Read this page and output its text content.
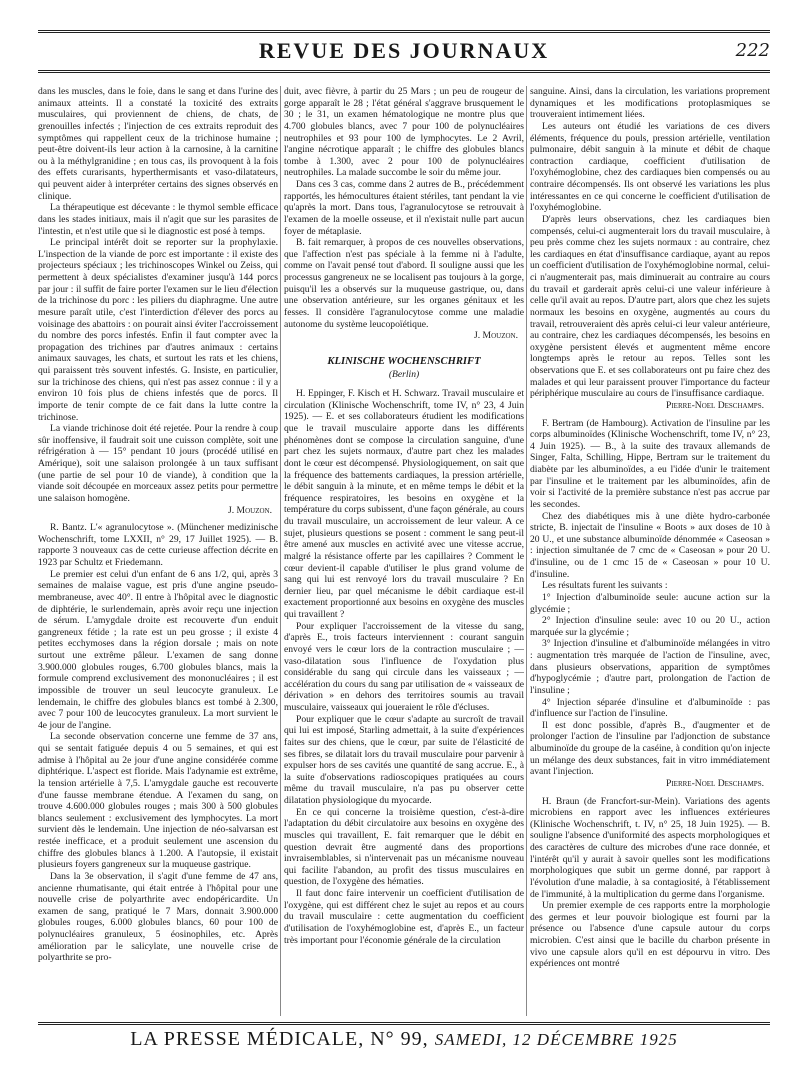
REVUE DES JOURNAUX	222

dans les muscles, dans le foie, dans le sang et dans l'urine des animaux atteints. Il a constaté la toxicité des extraits musculaires, qui proviennent de chiens, de chats, de grenouilles infectés ; l'injection de ces extraits reproduit des symptômes qui rappellent ceux de la trichinose humaine ; peut-être doivent-ils leur action à la carnosine, à la carnitine ou à la méthylgranidine ; en tous cas, ils provoquent à la fois des effets curarisants, hyperthermisants et vaso-dilatateurs, qui peuvent aider à interpréter certains des signes observés en clinique.

La thérapeutique est décevante : le thymol semble efficace dans les stades initiaux, mais il n'agit que sur les parasites de l'intestin, et n'est utile que si le diagnostic est posé à temps.

Le principal intérêt doit se reporter sur la prophylaxie. L'inspection de la viande de porc est importante : il existe des projecteurs spéciaux ; les trichinoscopes Winkel ou Zeiss, qui permettent à deux spécialistes d'examiner jusqu'à 144 porcs par jour : il suffit de faire porter l'examen sur le lieu d'élection de la trichinose du porc : les piliers du diaphragme. Une autre mesure paraît utile, c'est l'interdiction d'élever des porcs au voisinage des abattoirs : on pourait ainsi éviter l'accroissement du nombre des porcs infestés. Enfin il faut compter avec la propagation des trichines par d'autres animaux : certains animaux sauvages, les chats, et surtout les rats et les chiens, qui paraissent très souvent infestés. G. Insiste, en particulier, sur la trichinose des chiens, qui n'est pas assez connue : il y a environ 10 fois plus de chiens infestés que de porcs. Il importe de tenir compte de ce fait dans la lutte contre la trichinose.

La viande trichinose doit été rejetée. Pour la rendre à coup sûr inoffensive, il faudrait soit une cuisson complète, soit une réfrigération à — 15° pendant 10 jours (procédé utilisé en Amérique), soit une salaison prolongée à un taux suffisant (une partie de sel pour 10 de viande), à condition que la viande soit découpée en morceaux assez petits pour permettre une salaison homogène.

J. Mouzon.

R. Bantz. L'« agranulocytose ». (Münchener medizinische Wochenschrift, tome LXXII, n° 29, 17 Juillet 1925). — B. rapporte 3 nouveaux cas de cette curieuse affection décrite en 1923 par Schultz et Friedemann.

Le premier est celui d'un enfant de 6 ans 1/2, qui, après 3 semaines de malaise vague, est pris d'une angine pseudo-membraneuse, avec 40°. Il entre à l'hôpital avec le diagnostic de diphtérie, le surlendemain, après avoir reçu une injection de sérum. L'amygdale droite est recouverte d'un enduit gangreneux fétide ; la rate est un peu grosse ; il existe 4 petites ecchymoses dans la région dorsale ; mais on note surtout une extrême pâleur. L'examen de sang donne 3.900.000 globules rouges, 6.700 globules blancs, mais la formule comprend exclusivement des mononucléaires ; il est impossible de trouver un seul leucocyte granuleux. Le lendemain, le chiffre des globules blancs est tombé à 2.300, avec 7 pour 100 de leucocytes granuleux. La mort survient le 4e jour de l'angine.

La seconde observation concerne une femme de 37 ans, qui se sentait fatiguée depuis 4 ou 5 semaines, et qui est admise à l'hôpital au 2e jour d'une angine considérée comme diphtérique. L'aspect est floride. Mais l'adynamie est extrême, la tension artérielle à 7,5. L'amygdale gauche est recouverte d'une fausse membrane étendue. A l'examen du sang, on trouve 4.600.000 globules rouges ; mais 300 à 500 globules blancs seulement : exclusivement des lymphocytes. La mort survient dès le lendemain. Une injection de néo-salvarsan est restée inefficace, et a produit seulement une ascension du chiffre des globules blancs à 1.200. A l'autopsie, il existait plusieurs foyers gangreneux sur la muqueuse gastrique.

Dans la 3e observation, il s'agit d'une femme de 47 ans, ancienne rhumatisante, qui était entrée à l'hôpital pour une nouvelle crise de polyarthrite avec endopéricardite. Un examen de sang, pratiqué le 7 Mars, donnait 3.900.000 globules rouges, 6.000 globules blancs, 60 pour 100 de polynucléaires granuleux, 5 éosinophiles, etc. Après amélioration par le salicylate, une nouvelle crise de polyarthrite se pro-

duit, avec fièvre, à partir du 25 Mars ; un peu de rougeur de gorge apparaît le 28 ; l'état général s'aggrave brusquement le 30 ; le 31, un examen hématologique ne montre plus que 4.700 globules blancs, avec 7 pour 100 de polynucléaires neutrophiles et 93 pour 100 de lymphocytes. Le 2 Avril, l'angine nécrotique apparaît ; le chiffre des globules blancs tombe à 1.300, avec 2 pour 100 de polynucléaires neutrophiles. La malade succombe le soir du même jour.

Dans ces 3 cas, comme dans 2 autres de B., précédemment rapportés, les hémocultures étaient stériles, tant pendant la vie qu'après la mort. Dans tous, l'agranulocytose se retrouvait à l'examen de la moelle osseuse, et il n'existait nulle part aucun foyer de métaplasie.

B. fait remarquer, à propos de ces nouvelles observations, que l'affection n'est pas spéciale à la femme ni à l'adulte, comme on l'avait pensé tout d'abord. Il souligne aussi que les processus gangreneux ne se localisent pas toujours à la gorge, puisqu'il les a observés sur la muqueuse gastrique, ou, dans une observation antérieure, sur les organes génitaux et les fesses. Il considère l'agranulocytose comme une maladie autonome du système leucopoïétique.

J. Mouzon.

KLINISCHE WOCHENSCHRIFT

(Berlin)

H. Eppinger, F. Kisch et H. Schwarz. Travail musculaire et circulation (Klinische Wochenschrift, tome IV, n° 23, 4 Juin 1925). — E. et ses collaborateurs étudient les modifications que le travail musculaire apporte dans les différents phénomènes dont se compose la circulation sanguine, d'une part chez les sujets normaux, d'autre part chez les malades dont le cœur est décompensé. Physiologiquement, on sait que la fréquence des battements cardiaques, la pression artérielle, le débit sanguin à la minute, et en même temps le débit et la fréquence respiratoires, les besoins en oxygène et la température du corps subissent, d'une façon générale, au cours du travail musculaire, un accroissement de leur valeur. A ce sujet, plusieurs questions se posent : comment le sang peut-il être amené aux muscles en activité avec une vitesse accrue, malgré la résistance offerte par les capillaires ? Comment le cœur devient-il capable d'utiliser le plus grand volume de sang qui lui est renvoyé lors du travail musculaire ? En dernier lieu, par quel mécanisme le débit cardiaque est-il exactement proportionné aux besoins en oxygène des muscles qui travaillent ?

Pour expliquer l'accroissement de la vitesse du sang, d'après E., trois facteurs interviennent : courant sanguin envoyé vers le cœur lors de la contraction musculaire ; — vaso-dilatation sous l'influence de l'oxydation plus considérable du sang qui circule dans les vaisseaux ; — accélération du cours du sang par utilisation de « vaisseaux de dérivation » en dehors des territoires soumis au travail musculaire, vaisseaux qui joueraient le rôle d'écluses.

Pour expliquer que le cœur s'adapte au surcroît de travail qui lui est imposé, Starling admettait, à la suite d'expériences faites sur des chiens, que le cœur, par suite de l'élasticité de ses fibres, se dilatait lors du travail musculaire pour parvenir à expulser hors de ses cavités une quantité de sang accrue. E., à la suite d'observations radioscopiques pratiquées au cours même du travail musculaire, n'a pas pu observer cette dilatation physiologique du myocarde.

En ce qui concerne la troisième question, c'est-à-dire l'adaptation du débit circulatoire aux besoins en oxygène des muscles qui travaillent, E. fait remarquer que le débit en question devrait être augmenté dans des proportions invraisemblables, si n'intervenait pas un mécanisme nouveau qui facilite l'abandon, au profit des tissus musculaires en question, de l'oxygène des hématies.

Il faut donc faire intervenir un coefficient d'utilisation de l'oxygène, qui est différent chez le sujet au repos et au cours du travail musculaire : cette augmentation du coefficient d'utilisation de l'oxyhémoglobine est, d'après E., un facteur très important pour l'économie générale de la circulation

sanguine. Ainsi, dans la circulation, les variations proprement dynamiques et les modifications protoplasmiques se trouveraient intimement liées.

Les auteurs ont étudié les variations de ces divers éléments, fréquence du pouls, pression artérielle, ventilation pulmonaire, débit sanguin à la minute et débit de chaque contraction cardiaque, coefficient d'utilisation de l'oxyhémoglobine, chez des cardiaques bien compensés ou au contraire décompensés. Ils ont observé les variations les plus intéressantes en ce qui concerne le coefficient d'utilisation de l'oxyhémoglobine.

D'après leurs observations, chez les cardiaques bien compensés, celui-ci augmenterait lors du travail musculaire, à peu près comme chez les sujets normaux : au contraire, chez les cardiaques en état d'insuffisance cardiaque, ayant au repos un coefficient d'utilisation de l'oxyhémoglobine normal, celui-ci n'augmenterait pas, mais diminuerait au contraire au cours du travail et garderait après celui-ci une valeur inférieure à celle qu'il avait au repos. D'autre part, alors que chez les sujets normaux les besoins en oxygène, augmentés au cours du travail, retrouveraient dès après celui-ci leur valeur antérieure, au contraire, chez les cardiaques décompensés, les besoins en oxygène persistent élevés et augmentent même encore longtemps après le retour au repos. Telles sont les observations que E. et ses collaborateurs ont pu faire chez des malades et qui leur paraissent prouver l'importance du facteur périphérique musculaire au cours de l'insuffisance cardiaque.

Pierre-Noel Deschamps.

F. Bertram (de Hambourg). Activation de l'insuline par les corps albuminoïdes (Klinische Wochenschrift, tome IV, n° 23, 4 Juin 1925). — B., à la suite des travaux allemands de Singer, Falta, Schilling, Hippe, Bertram sur le traitement du diabète par les albuminoïdes, a eu l'idée d'unir le traitement par l'insuline et le traitement par les albuminoïdes, afin de voir si l'activité de la première substance n'est pas accrue par les secondes.

Chez des diabétiques mis à une diète hydro-carbonée stricte, B. injectait de l'insuline « Boots » aux doses de 10 à 20 U., et une substance albuminoïde dénommée « Caseosan » : injection simultanée de 7 cmc de « Caseosan » pour 20 U. d'insuline, ou de 1 cmc 15 de « Caseosan » pour 10 U. d'insuline.

Les résultats furent les suivants :

1° Injection d'albuminoïde seule: aucune action sur la glycémie ;

2° Injection d'insuline seule: avec 10 ou 20 U., action marquée sur la glycémie ;

3° Injection d'insuline et d'albuminoïde mélangées in vitro : augmentation très marquée de l'action de l'insuline, avec, dans plusieurs observations, apparition de symptômes d'hypoglycémie ; d'autre part, prolongation de l'action de l'insuline ;

4° Injection séparée d'insuline et d'albuminoïde : pas d'influence sur l'action de l'insuline.

Il est donc possible, d'après B., d'augmenter et de prolonger l'action de l'insuline par l'adjonction de substance albuminoïde du groupe de la caséine, à condition qu'on injecte un mélange des deux substances, fait in vitro immédiatement avant l'injection.

Pierre-Noel Deschamps.

H. Braun (de Francfort-sur-Mein). Variations des agents microbiens en rapport avec les influences extérieures (Klinische Wochenschrift, t. IV, n° 25, 18 Juin 1925). — B. souligne l'absence d'uniformité des aspects morphologiques et des caractères de culture des microbes d'une race donnée, et l'intérêt qu'il y aurait à savoir quelles sont les modifications morphologiques que subit un germe donné, par rapport à l'évolution d'une maladie, à sa contagiosité, à l'établissement de l'immunité, à la multiplication du germe dans l'organisme.

Un premier exemple de ces rapports entre la morphologie des germes et leur pouvoir biologique est fourni par la présence ou l'absence d'une capsule autour du corps microbien. C'est ainsi que le bacille du charbon présente in vivo une capsule alors qu'il en est dépourvu in vitro. Des expériences ont montré

LA PRESSE MÉDICALE, N° 99, SAMEDI, 12 DÉCEMBRE 1925
